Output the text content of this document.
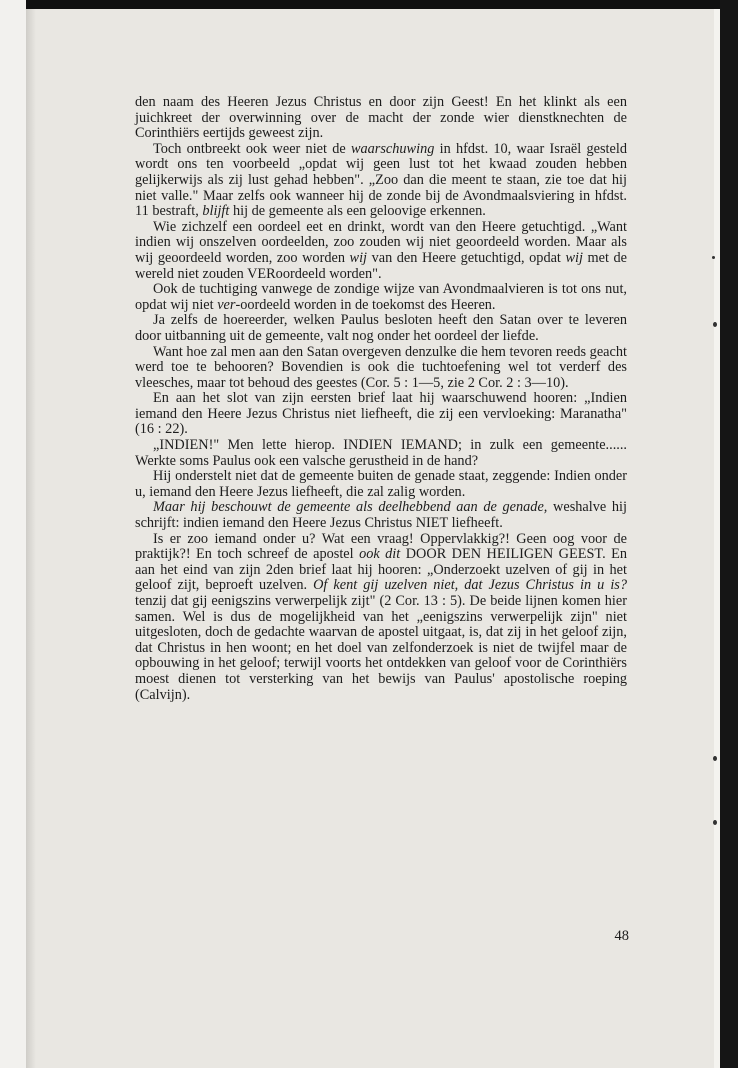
den naam des Heeren Jezus Christus en door zijn Geest! En het klinkt als een juichkreet der overwinning over de macht der zonde wier dienstknechten de Corinthiërs eertijds geweest zijn.

Toch ontbreekt ook weer niet de waarschuwing in hfdst. 10, waar Israël gesteld wordt ons ten voorbeeld „opdat wij geen lust tot het kwaad zouden hebben gelijkerwijs als zij lust gehad hebben". „Zoo dan die meent te staan, zie toe dat hij niet valle." Maar zelfs ook wanneer hij de zonde bij de Avondmaalsviering in hfdst. 11 bestraft, blijft hij de gemeente als een geloovige erkennen.

Wie zichzelf een oordeel eet en drinkt, wordt van den Heere getuchtigd. „Want indien wij onszelven oordeelden, zoo zouden wij niet geoordeeld worden. Maar als wij geoordeeld worden, zoo worden wij van den Heere getuchtigd, opdat wij met de wereld niet zouden VERoordeeld worden".

Ook de tuchtiging vanwege de zondige wijze van Avondmaalvieren is tot ons nut, opdat wij niet ver-oordeeld worden in de toekomst des Heeren.

Ja zelfs de hoereerder, welken Paulus besloten heeft den Satan over te leveren door uitbanning uit de gemeente, valt nog onder het oordeel der liefde.

Want hoe zal men aan den Satan overgeven denzulke die hem tevoren reeds geacht werd toe te behooren? Bovendien is ook die tuchtoefening wel tot verderf des vleesches, maar tot behoud des geestes (Cor. 5 : 1—5, zie 2 Cor. 2 : 3—10).

En aan het slot van zijn eersten brief laat hij waarschuwend hooren: „Indien iemand den Heere Jezus Christus niet liefheeft, die zij een vervloeking: Maranatha" (16 : 22).

„INDIEN!" Men lette hierop. INDIEN IEMAND; in zulk een gemeente...... Werkte soms Paulus ook een valsche gerustheid in de hand?

Hij onderstelt niet dat de gemeente buiten de genade staat, zeggende: Indien onder u, iemand den Heere Jezus liefheeft, die zal zalig worden.

Maar hij beschouwt de gemeente als deelhebbend aan de genade, weshalve hij schrijft: indien iemand den Heere Jezus Christus NIET liefheeft.

Is er zoo iemand onder u? Wat een vraag! Oppervlakkig?! Geen oog voor de praktijk?! En toch schreef de apostel ook dit DOOR DEN HEILIGEN GEEST. En aan het eind van zijn 2den brief laat hij hooren: „Onderzoekt uzelven of gij in het geloof zijt, beproeft uzelven. Of kent gij uzelven niet, dat Jezus Christus in u is? tenzij dat gij eenigszins verwerpelijk zijt" (2 Cor. 13 : 5). De beide lijnen komen hier samen. Wel is dus de mogelijkheid van het „eenigszins verwerpelijk zijn" niet uitgesloten, doch de gedachte waarvan de apostel uitgaat, is, dat zij in het geloof zijn, dat Christus in hen woont; en het doel van zelfonderzoek is niet de twijfel maar de opbouwing in het geloof; terwijl voorts het ontdekken van geloof voor de Corinthiërs moest dienen tot versterking van het bewijs van Paulus' apostolische roeping (Calvijn).

48
